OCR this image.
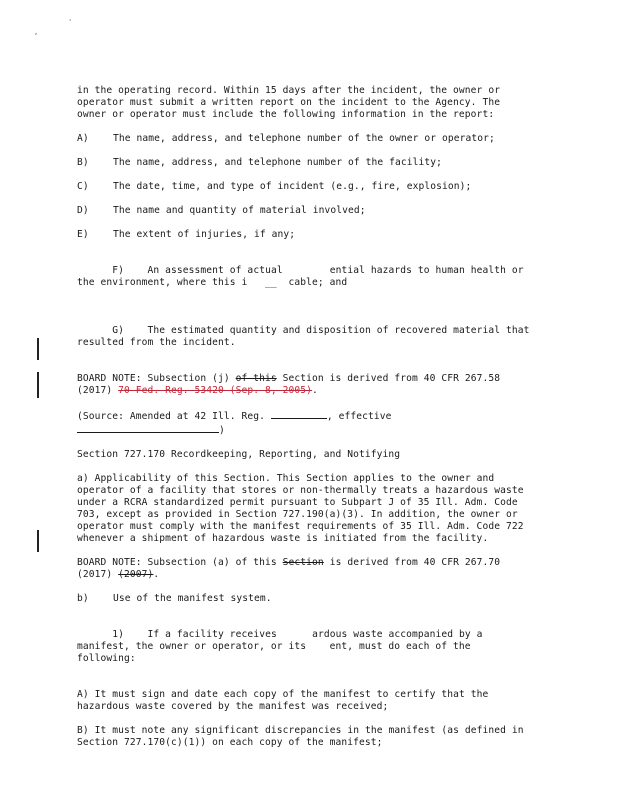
,
'

in the operating record. Within 15 days after the incident, the owner or operator must submit a written report on the incident to the Agency. The owner or operator must include the following information in the report:

A)	The name, address, and telephone number of the owner or operator;
B)	The name, address, and telephone number of the facility;
C)	The date, time, and type of incident (e.g., fire, explosion);
D)	The name and quantity of material involved;
E)	The extent of injuries, if any;

F) An assessment of actual        ential hazards to human health or the environment, where this i   __  cable; and

G) The estimated quantity and disposition of recovered material that resulted from the incident.

BOARD NOTE: Subsection (j) of this Section is derived from 40 CFR 267.58 (2017) 70 Fed. Reg. 53420 (Sep. 8, 2005).

(Source: Amended at 42 Ill. Reg.	, effective
)

Section 727.170 Recordkeeping, Reporting, and Notifying

a) Applicability of this Section. This Section applies to the owner and operator of a facility that stores or non-thermally treats a hazardous waste under a RCRA standardized permit pursuant to Subpart J of 35 Ill. Adm. Code 703, except as provided in Section 727.190(a)(3). In addition, the owner or operator must comply with the manifest requirements of 35 Ill. Adm. Code 722 whenever a shipment of hazardous waste is initiated from the facility.

BOARD NOTE: Subsection (a) of this Section is derived from 40 CFR 267.70 (2017) (2007).

b)	Use of the manifest system.

1) If a facility receives      ardous waste accompanied by a manifest, the owner or operator, or its    ent, must do each of the following:

A) It must sign and date each copy of the manifest to certify that the hazardous waste covered by the manifest was received;

B) It must note any significant discrepancies in the manifest (as defined in Section 727.170(c)(1)) on each copy of the manifest;
